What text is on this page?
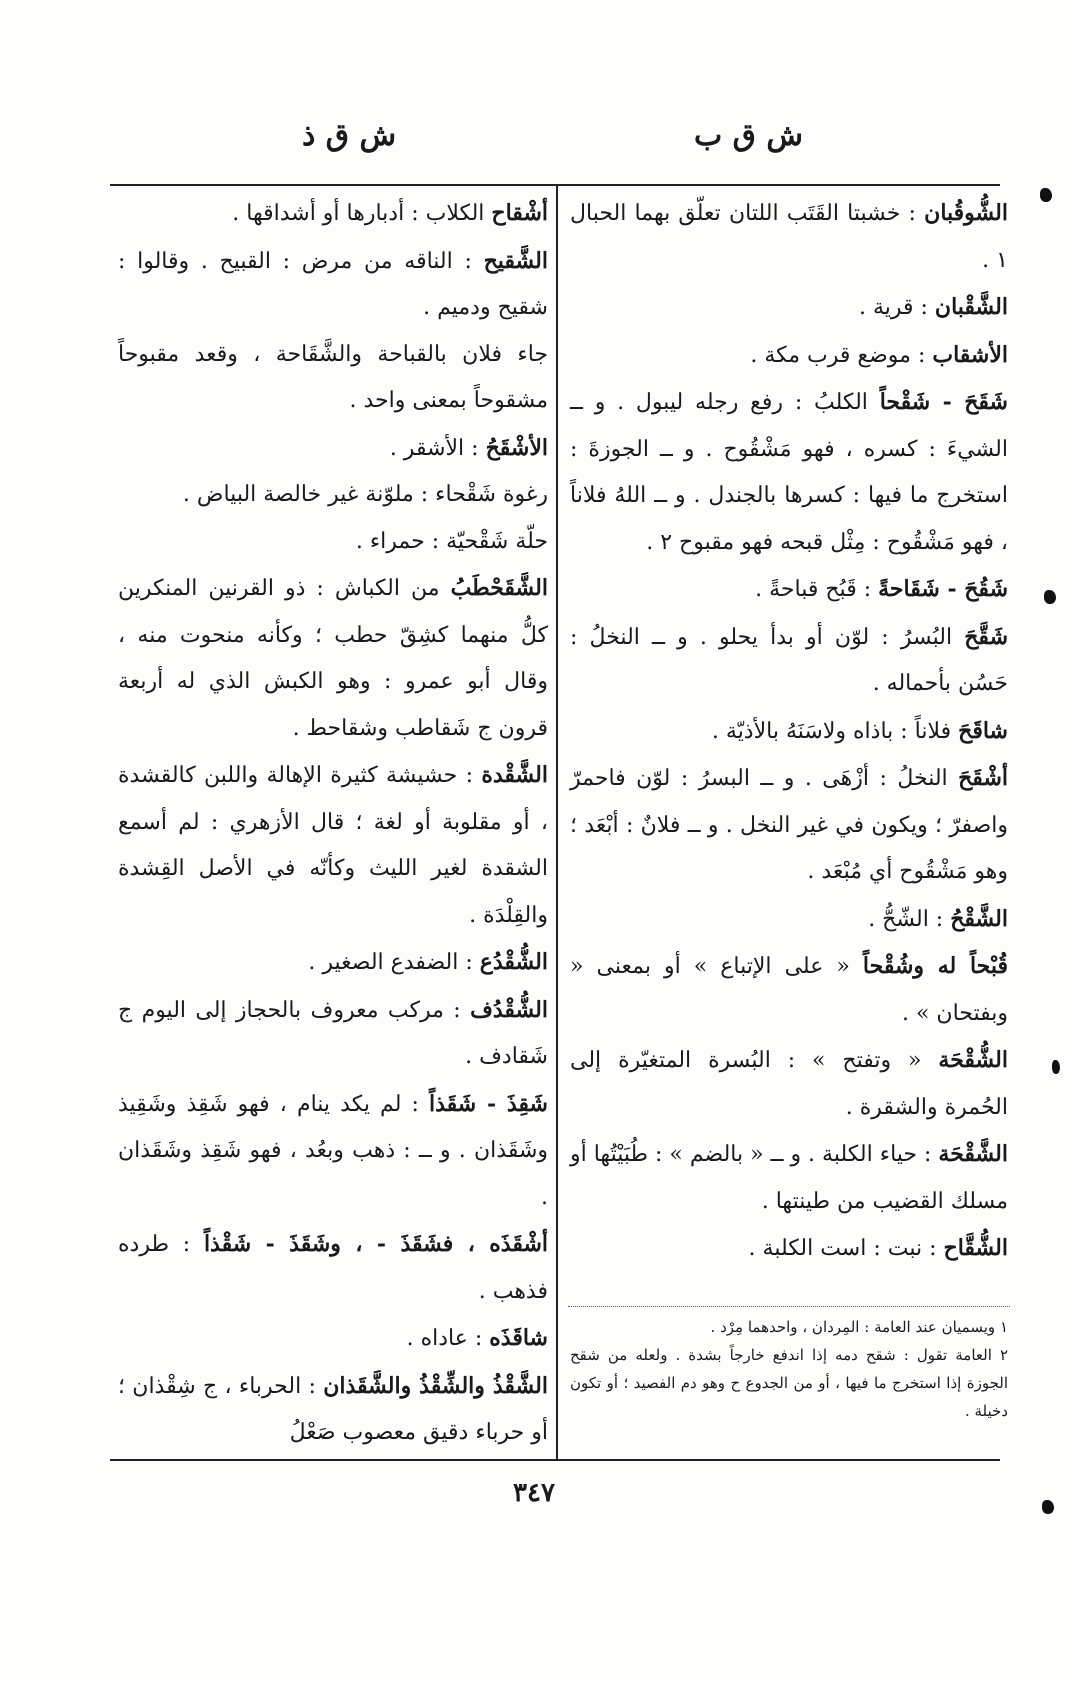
ش ق ب
ش ق ذ

الشُّوقُبان : خشبتا القَتَب اللتان تعلّق بهما الحبال ١ .

الشَّقْبان : قرية .

الأشقاب : موضع قرب مكة .

شَقَحَ - شَقْحاً الكلبُ : رفع رجله ليبول . و ــ الشيءَ : كسره ، فهو مَشْقُوح . و ــ الجوزةَ : استخرج ما فيها : كسرها بالجندل . و ــ اللهُ فلاناً ، فهو مَشْقُوح : مِثْل قبحه فهو مقبوح ٢ .

شَقُحَ - شَقَاحةً : قَبُح قباحةً .

شَقَّحَ البُسرُ : لوّن أو بدأ يحلو . و ــ النخلُ : حَسُن بأحماله .

شاقَحَ فلاناً : باذاه ولاسَنَهُ بالأذيّة .

أشْقَحَ النخلُ : أزْهَى . و ــ البسرُ : لوّن فاحمرّ واصفرّ ؛ ويكون في غير النخل . و ــ فلانٌ : أبْعَد ؛ وهو مَشْقُوح أي مُبْعَد .

الشَّقْحُ : الشّحُّ .

قُبْحاً له وشُقْحاً « على الإتباع » أو بمعنى « وبفتحان » .

الشُّقْحَة « وتفتح » : البُسرة المتغيّرة إلى الحُمرة والشقرة .

الشَّقْحَة : حياء الكلبة . و ــ « بالضم » : طُبَيْتُها أو مسلك القضيب من طينتها .

الشُّقَّاح : نبت : است الكلبة .

أشْقاح الكلاب : أدبارها أو أشداقها .

الشَّقيح : الناقه من مرض : القبيح . وقالوا : شقيح ودميم .

جاء فلان بالقباحة والشَّقَاحة ، وقعد مقبوحاً مشقوحاً بمعنى واحد .

الأشْقَحُ : الأشقر .

رغوة شَقْحاء : ملوّنة غير خالصة البياض .

حلّة شَقْحيّة : حمراء .

الشَّقَحْطَبُ من الكباش : ذو القرنين المنكرين كلُّ منهما كشِقّ حطب ؛ وكأنه منحوت منه ، وقال أبو عمرو : وهو الكبش الذي له أربعة قرون ج شَقاطب وشقاحط .

الشَّقْدة : حشيشة كثيرة الإهالة واللبن كالقشدة ، أو مقلوبة أو لغة ؛ قال الأزهري : لم أسمع الشقدة لغير الليث وكأنّه في الأصل القِشدة والقِلْدَة .

الشُّقْدُع : الضفدع الصغير .

الشُّقْدُف : مركب معروف بالحجاز إلى اليوم ج شَقادف .

شَقِذَ - شَقَذاً : لم يكد ينام ، فهو شَقِذ وشَقِيذ وشَقَذان . و ــ : ذهب وبعُد ، فهو شَقِذ وشَقَذان .

أشْقَذَه ، فشَقَذَ - ، وشَقَذَ - شَقْذاً : طرده فذهب .

شاقَذَه : عاداه .

الشَّقْذُ والشِّقْذُ والشَّقَذان : الحرباء ، ج شِقْذان ؛ أو حرباء دقيق معصوب صَعْلُ

١ ويسميان عند العامة : المِردان ، واحدهما مِرْد .

٢ العامة تقول : شقح دمه إذا اندفع خارجاً بشدة . ولعله من شقح الجوزة إذا استخرج ما فيها ، أو من الجدوع ح وهو دم الفصيد ؛ أو تكون دخيلة .

٣٤٧
